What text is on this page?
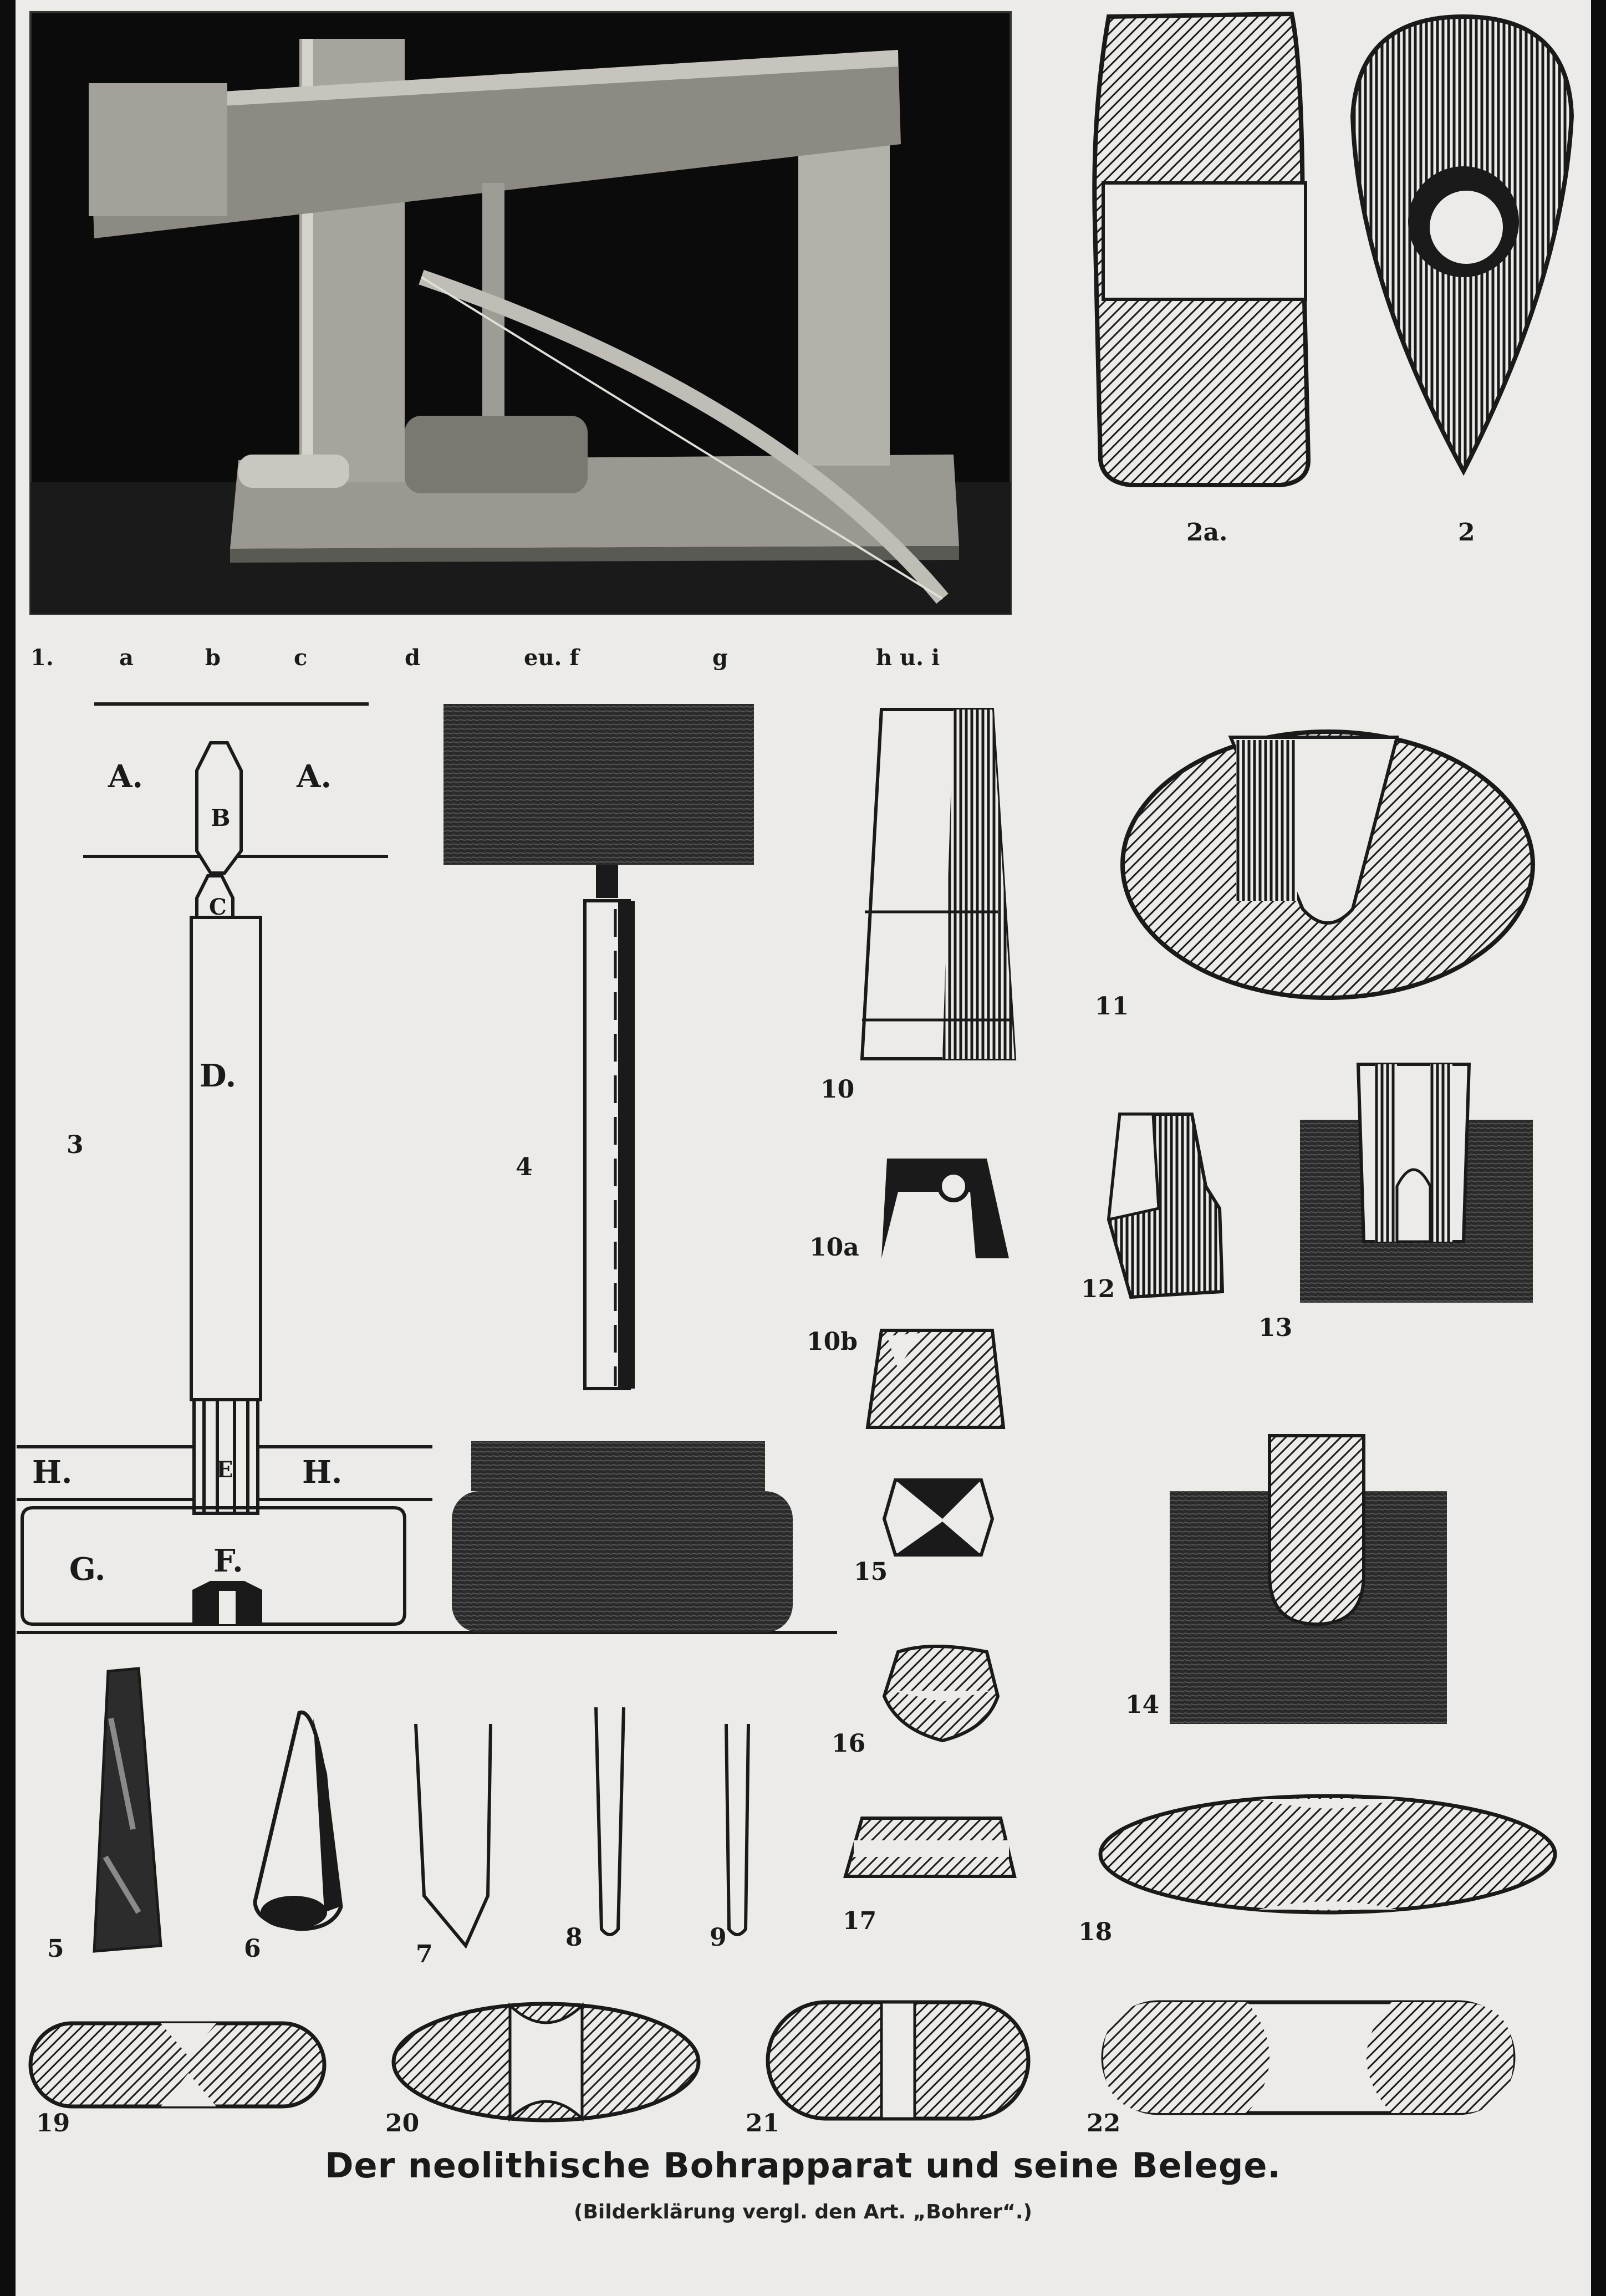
1.	a	b	c	d	eu. f	g	h u. i
A.	A.
B
C
D.
E
F.
G.
H.	H.
2a.	2
3
4
5	6	7
8	9
10
10a
10b
11
12
13
14
15
16
17	18
19	20	21	22
Der neolithische Bohrapparat und seine Belege.
(Bilderklärung vergl. den Art. „Bohrer“.)
